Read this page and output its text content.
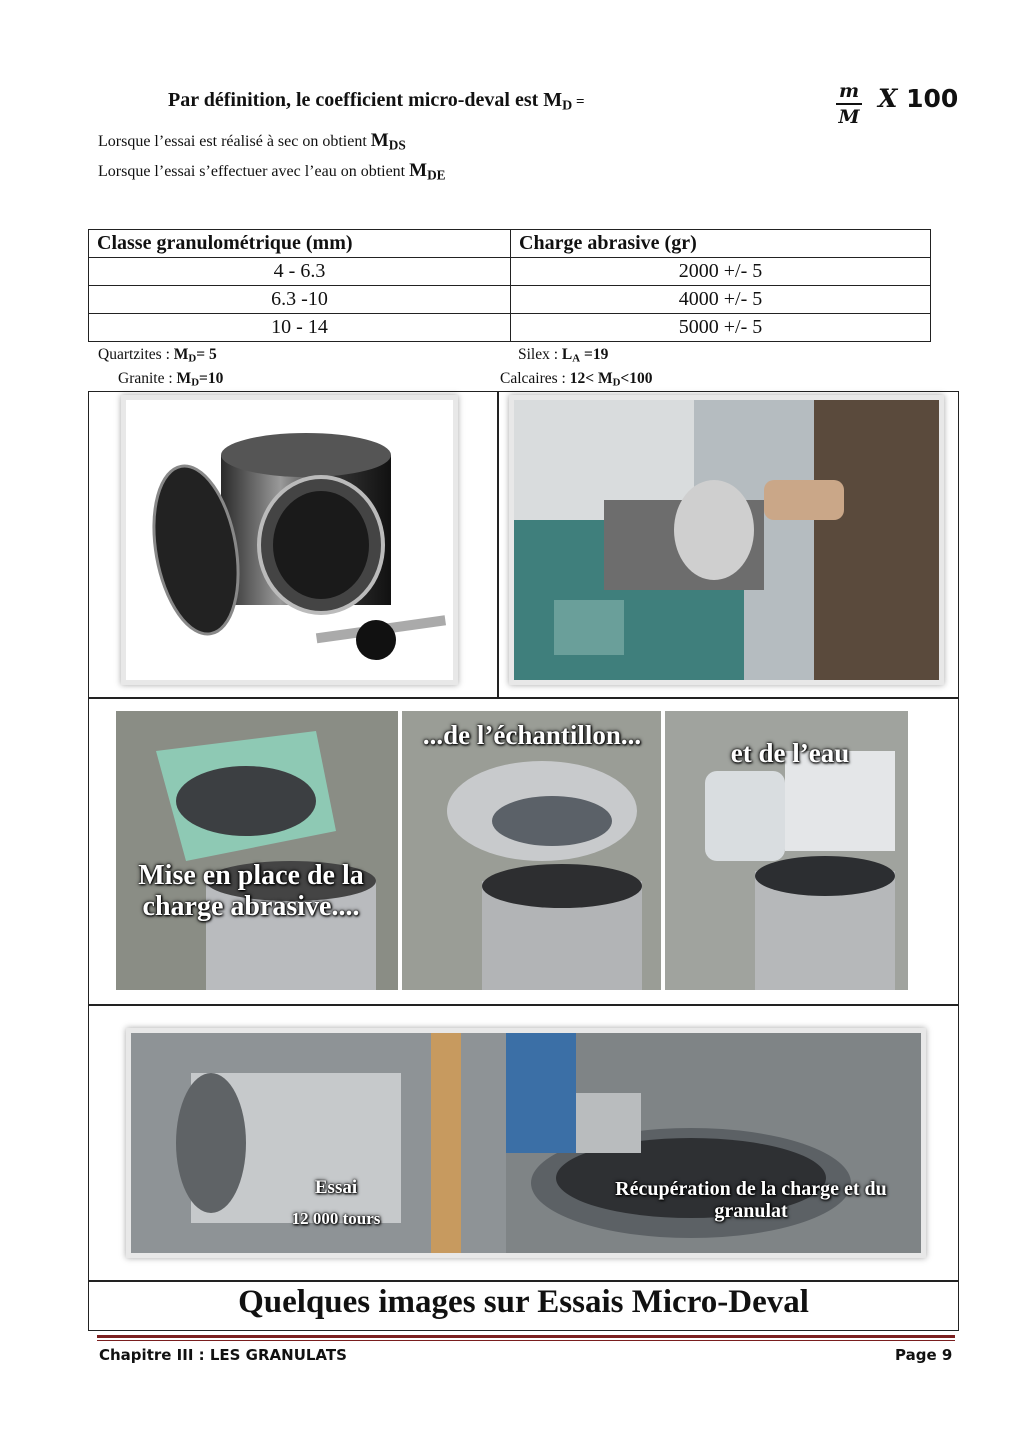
Par définition, le coefficient micro-deval est $M_D$ =	m
M
X 100
Lorsque l’essai est réalisé à sec on obtient $M_{DS}$
Lorsque l’essai s’effectuer avec l’eau on obtient $M_{DE}$
Classe granulométrique (mm)	Charge abrasive (gr)
4 - 6.3	2000 +/- 5
6.3 -10	4000 +/- 5
10 - 14	5000 +/- 5
Quartzites : $M_D= 5$	Silex : $L_A =19$
Granite : $M_D=10$	Calcaires : $12< M_D<100$
Mise en place de la charge abrasive....
...de l’échantillon...
et de l’eau
Essai
12 000 tours
Récupération de la charge et du granulat
Quelques images sur Essais Micro-Deval
Chapitre III : LES GRANULATS	Page 9
